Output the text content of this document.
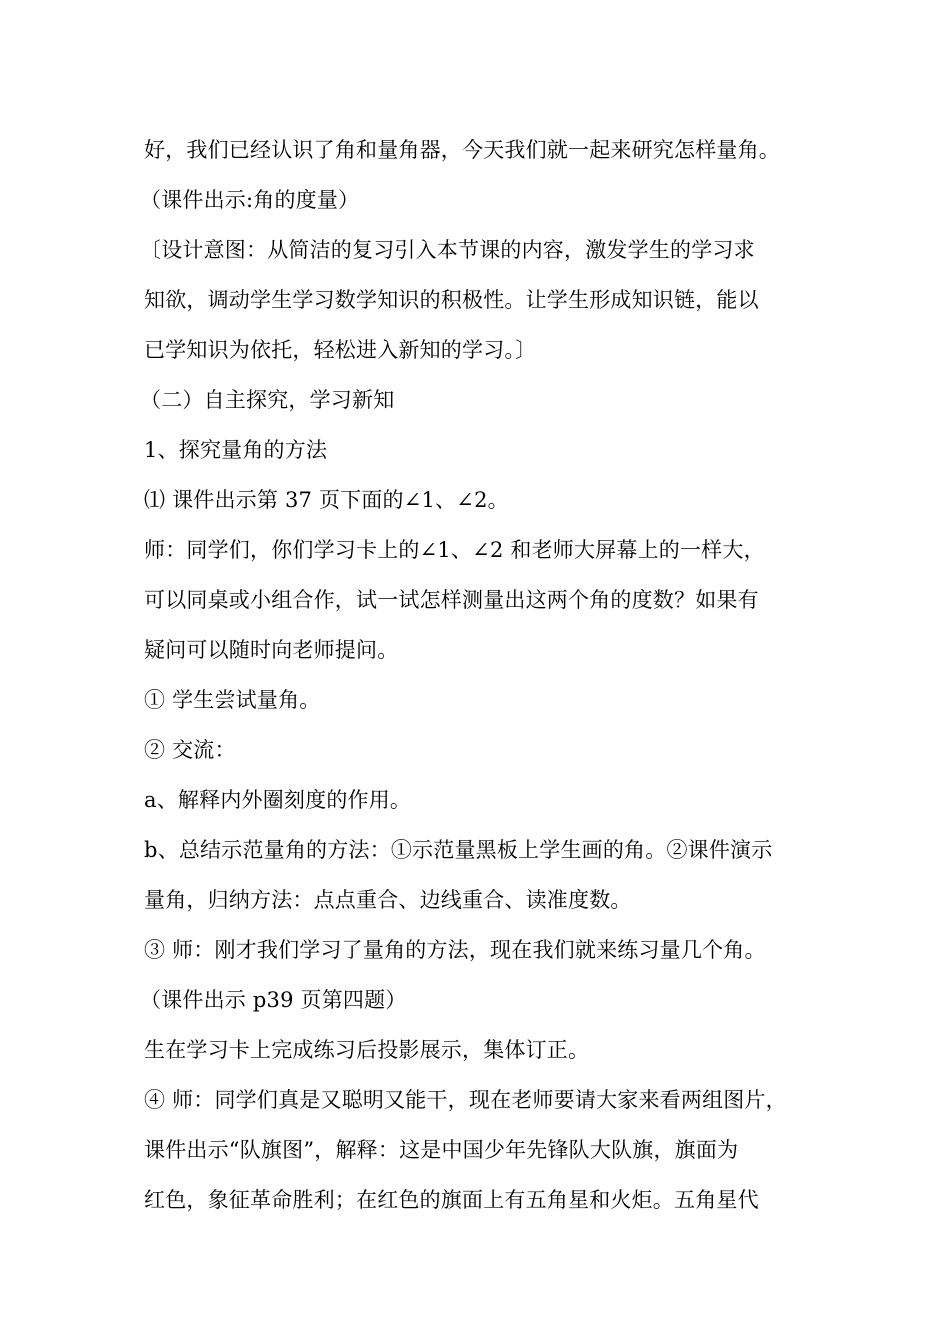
好，我们已经认识了角和量角器，今天我们就一起来研究怎样量角。
（课件出示:角的度量）
〔设计意图：从简洁的复习引入本节课的内容，激发学生的学习求
知欲，调动学生学习数学知识的积极性。让学生形成知识链，能以
已学知识为依托，轻松进入新知的学习。〕
（二）自主探究，学习新知
1、探究量角的方法
⑴ 课件出示第 37 页下面的∠1、∠2。
师：同学们，你们学习卡上的∠1、∠2 和老师大屏幕上的一样大，
可以同桌或小组合作，试一试怎样测量出这两个角的度数？如果有
疑问可以随时向老师提问。
① 学生尝试量角。
② 交流：
a、解释内外圈刻度的作用。
b、总结示范量角的方法：①示范量黑板上学生画的角。②课件演示
量角，归纳方法：点点重合、边线重合、读准度数。
③ 师：刚才我们学习了量角的方法，现在我们就来练习量几个角。
（课件出示 p39 页第四题）
生在学习卡上完成练习后投影展示，集体订正。
④ 师：同学们真是又聪明又能干，现在老师要请大家来看两组图片，
课件出示“队旗图”，解释：这是中国少年先锋队大队旗，旗面为
红色，象征革命胜利；在红色的旗面上有五角星和火炬。五角星代
